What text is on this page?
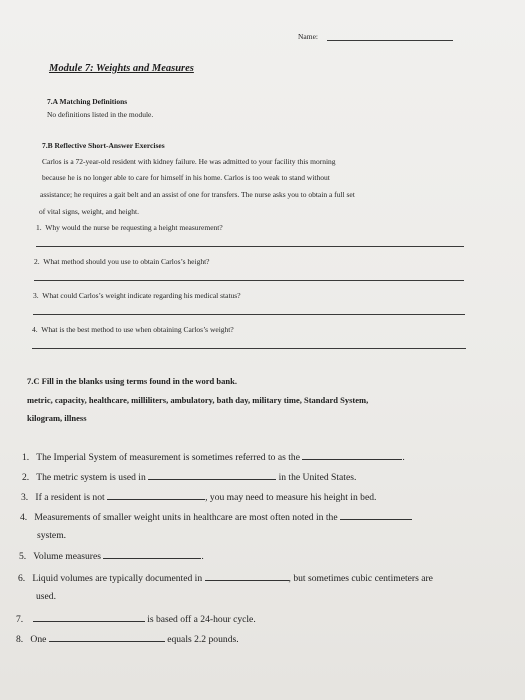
Name:
Module 7: Weights and Measures
7.A Matching Definitions
No definitions listed in the module.
7.B Reflective Short-Answer Exercises
Carlos is a 72-year-old resident with kidney failure. He was admitted to your facility this morning
because he is no longer able to care for himself in his home. Carlos is too weak to stand without
assistance; he requires a gait belt and an assist of one for transfers. The nurse asks you to obtain a full set
of vital signs, weight, and height.
1. Why would the nurse be requesting a height measurement?
2. What method should you use to obtain Carlos’s height?
3. What could Carlos’s weight indicate regarding his medical status?
4. What is the best method to use when obtaining Carlos’s weight?
7.C Fill in the blanks using terms found in the word bank.
metric, capacity, healthcare, milliliters, ambulatory, bath day, military time, Standard System,
kilogram, illness
1. The Imperial System of measurement is sometimes referred to as the	.
2. The metric system is used in	in the United States.
3. If a resident is not	, you may need to measure his height in bed.
4. Measurements of smaller weight units in healthcare are most often noted in the
system.
5. Volume measures	.
6. Liquid volumes are typically documented in	, but sometimes cubic centimeters are
used.
7.	is based off a 24-hour cycle.
8. One	equals 2.2 pounds.
